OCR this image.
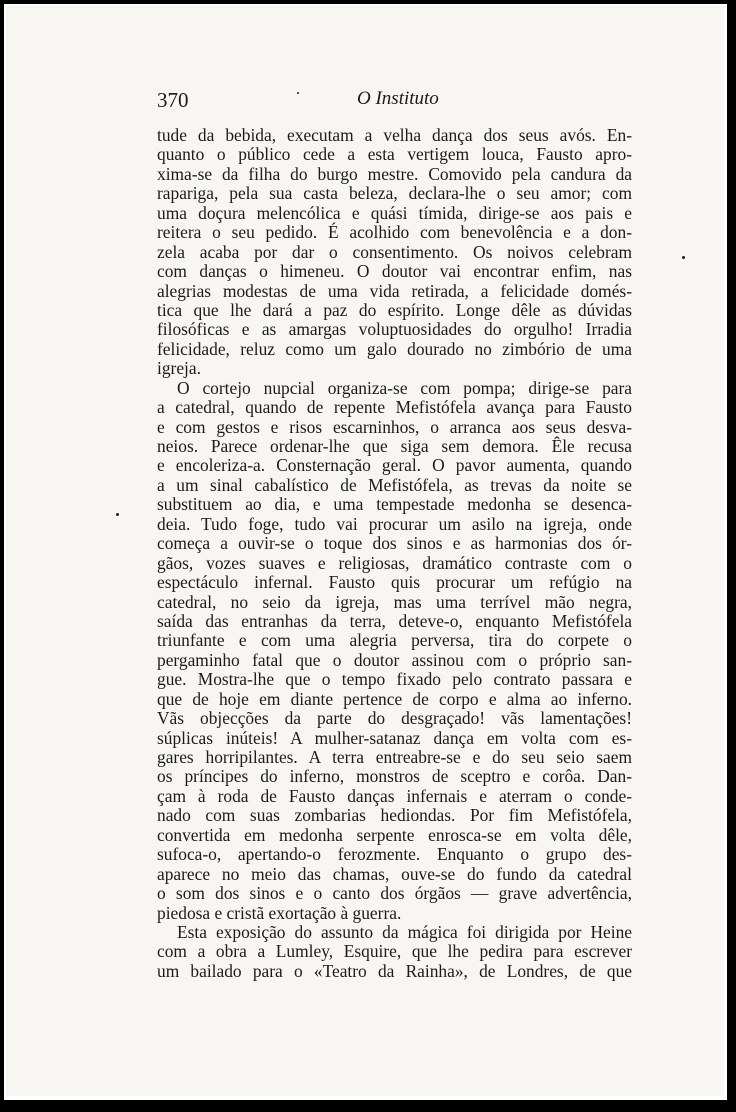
370	O Instituto
tude da bebida, executam a velha dança dos seus avós. En-
quanto o público cede a esta vertigem louca, Fausto apro-
xima-se da filha do burgo mestre. Comovido pela candura da
rapariga, pela sua casta beleza, declara-lhe o seu amor; com
uma doçura melencólica e quási tímida, dirige-se aos pais e
reitera o seu pedido. É acolhido com benevolência e a don-
zela acaba por dar o consentimento. Os noivos celebram
com danças o himeneu. O doutor vai encontrar enfim, nas
alegrias modestas de uma vida retirada, a felicidade domés-
tica que lhe dará a paz do espírito. Longe dêle as dúvidas
filosóficas e as amargas voluptuosidades do orgulho! Irradia
felicidade, reluz como um galo dourado no zimbório de uma
igreja.
O cortejo nupcial organiza-se com pompa; dirige-se para
a catedral, quando de repente Mefistófela avança para Fausto
e com gestos e risos escarninhos, o arranca aos seus desva-
neios. Parece ordenar-lhe que siga sem demora. Êle recusa
e encoleriza-a. Consternação geral. O pavor aumenta, quando
a um sinal cabalístico de Mefistófela, as trevas da noite se
substituem ao dia, e uma tempestade medonha se desenca-
deia. Tudo foge, tudo vai procurar um asilo na igreja, onde
começa a ouvir-se o toque dos sinos e as harmonias dos ór-
gãos, vozes suaves e religiosas, dramático contraste com o
espectáculo infernal. Fausto quis procurar um refúgio na
catedral, no seio da igreja, mas uma terrível mão negra,
saída das entranhas da terra, deteve-o, enquanto Mefistófela
triunfante e com uma alegria perversa, tira do corpete o
pergaminho fatal que o doutor assinou com o próprio san-
gue. Mostra-lhe que o tempo fixado pelo contrato passara e
que de hoje em diante pertence de corpo e alma ao inferno.
Vãs objecções da parte do desgraçado! vãs lamentações!
súplicas inúteis! A mulher-satanaz dança em volta com es-
gares horripilantes. A terra entreabre-se e do seu seio saem
os príncipes do inferno, monstros de sceptro e corôa. Dan-
çam à roda de Fausto danças infernais e aterram o conde-
nado com suas zombarias hediondas. Por fim Mefistófela,
convertida em medonha serpente enrosca-se em volta dêle,
sufoca-o, apertando-o ferozmente. Enquanto o grupo des-
aparece no meio das chamas, ouve-se do fundo da catedral
o som dos sinos e o canto dos órgãos — grave advertência,
piedosa e cristã exortação à guerra.
Esta exposição do assunto da mágica foi dirigida por Heine
com a obra a Lumley, Esquire, que lhe pedira para escrever
um bailado para o «Teatro da Rainha», de Londres, de que
